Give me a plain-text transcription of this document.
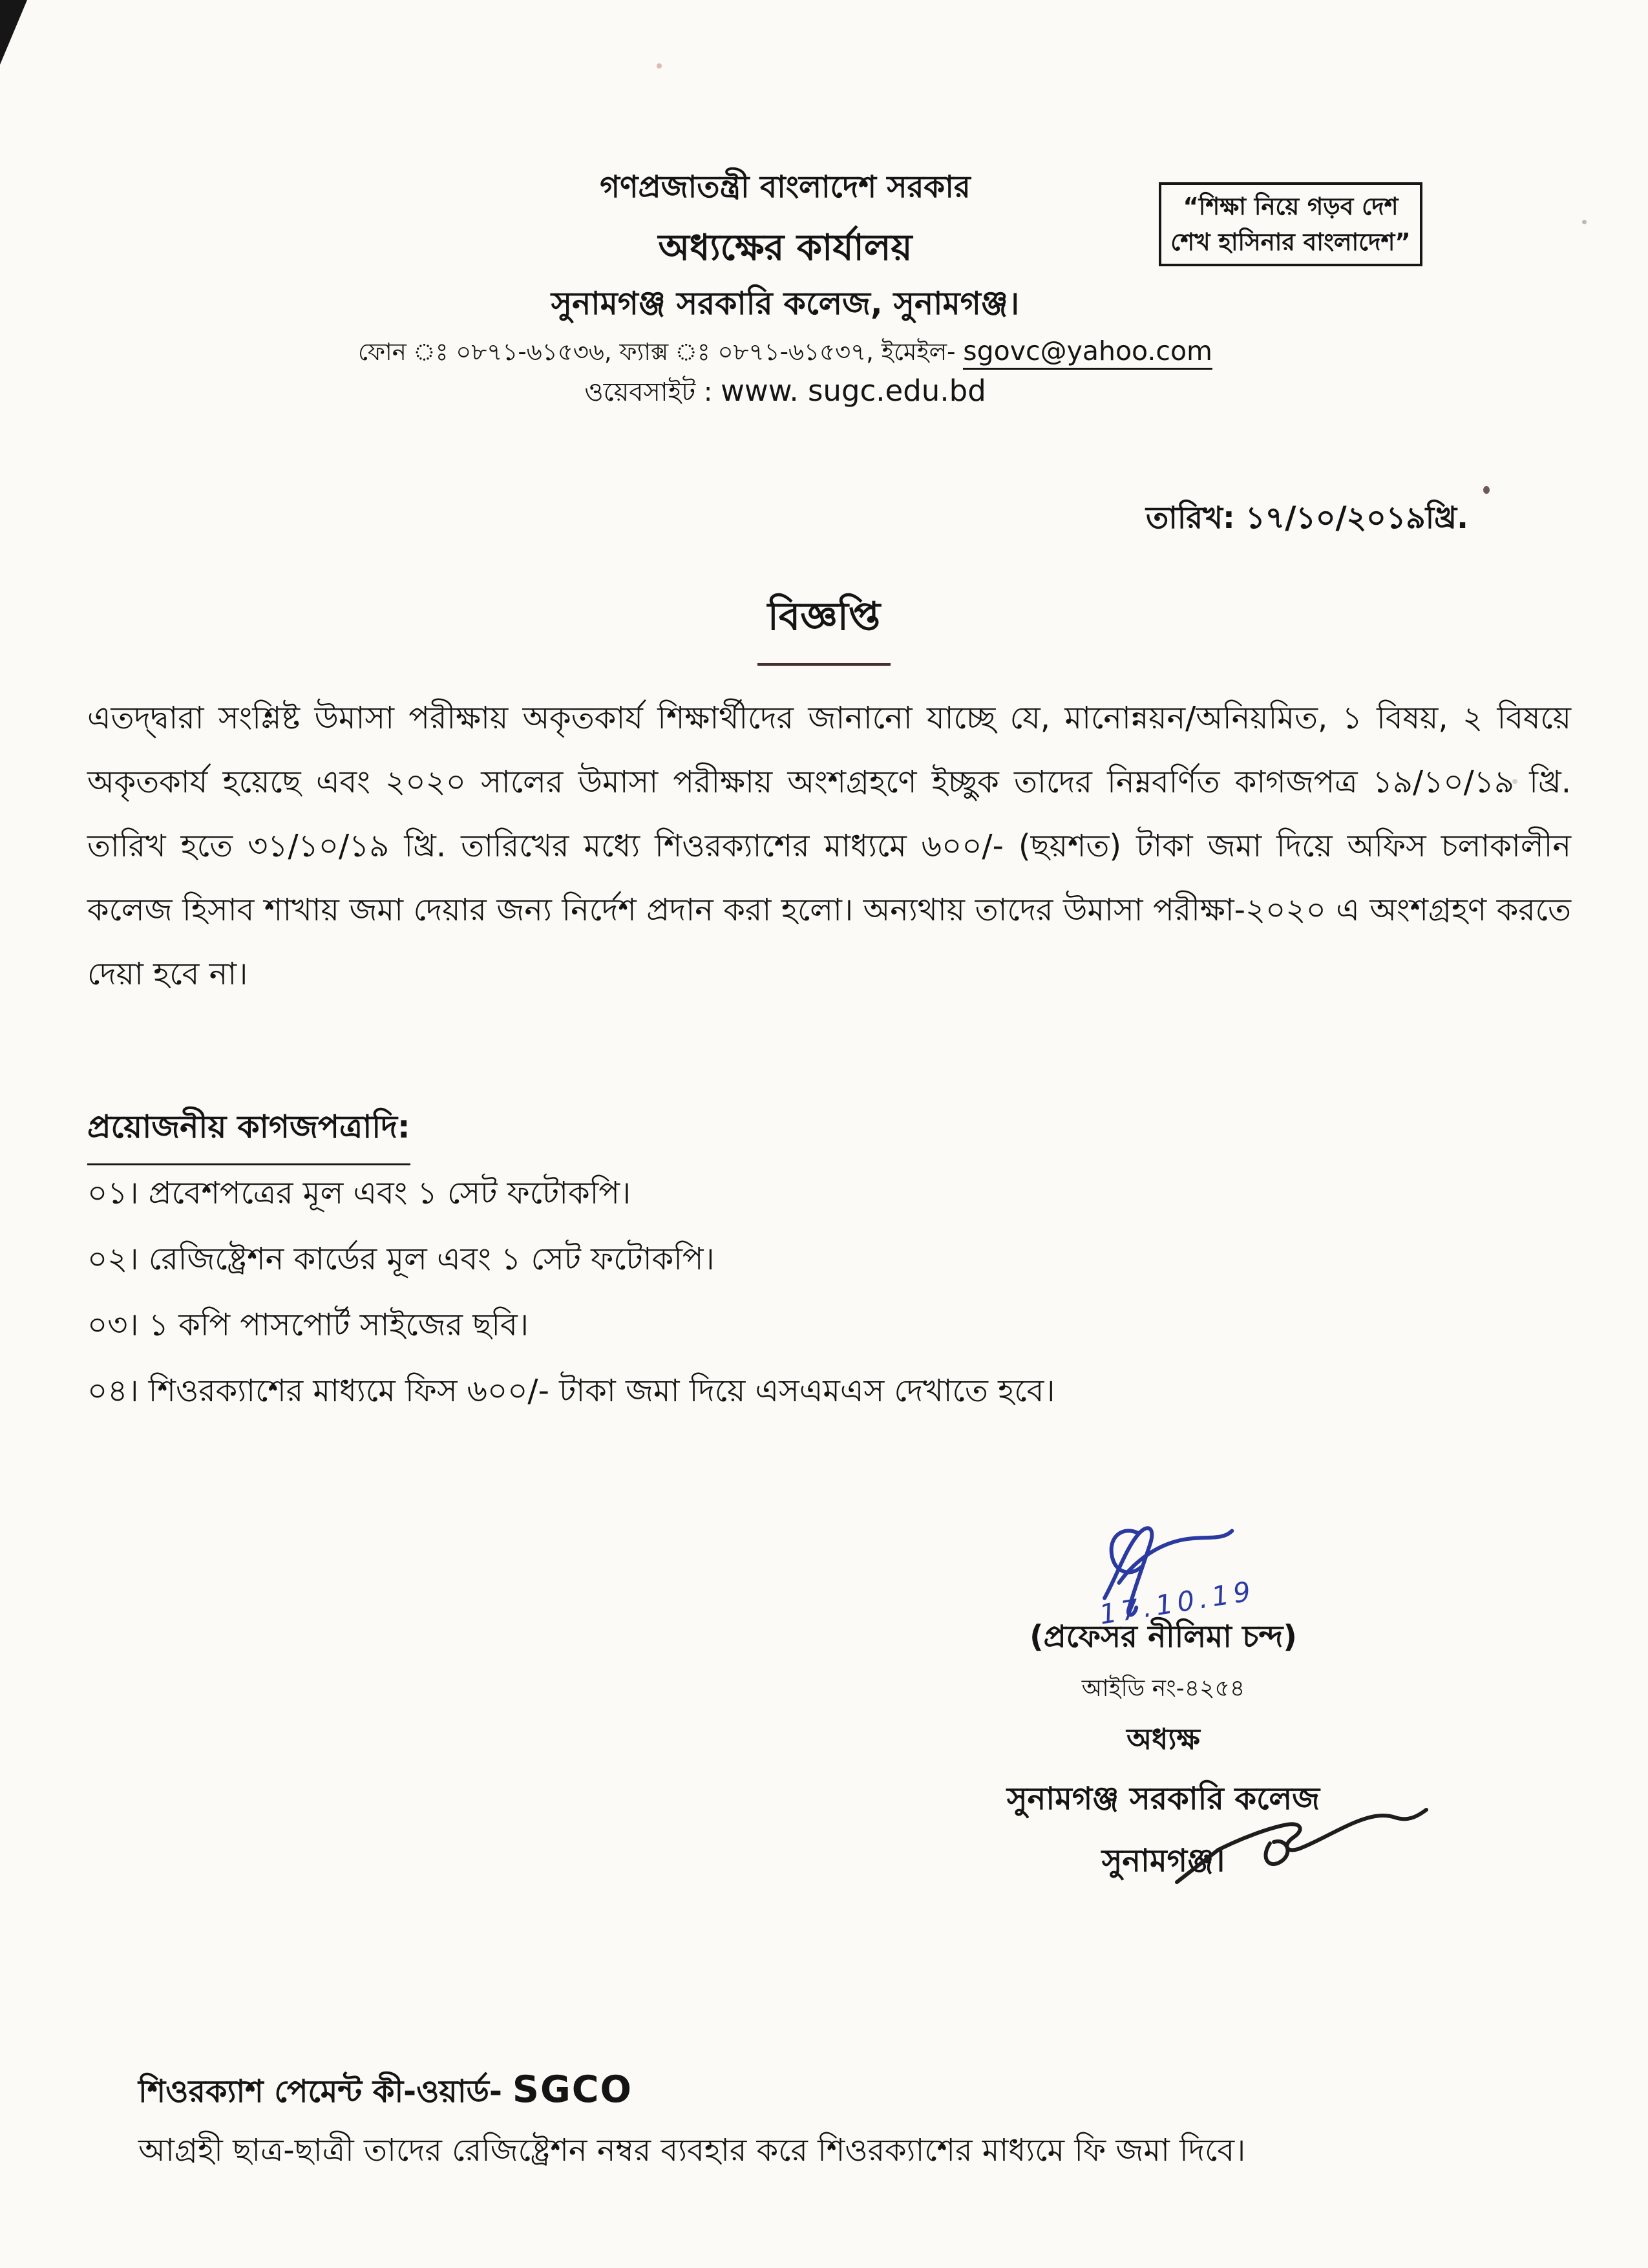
গণপ্রজাতন্ত্রী বাংলাদেশ সরকার
অধ্যক্ষের কার্যালয়
সুনামগঞ্জ সরকারি কলেজ, সুনামগঞ্জ।
ফোন ঃ ০৮৭১-৬১৫৩৬, ফ্যাক্স ঃ ০৮৭১-৬১৫৩৭, ইমেইল- sgovc@yahoo.com
ওয়েবসাইট : www. sugc.edu.bd
“শিক্ষা নিয়ে গড়ব দেশ
শেখ হাসিনার বাংলাদেশ”
তারিখ: ১৭/১০/২০১৯খ্রি.
বিজ্ঞপ্তি
এতদ্দ্বারা সংশ্লিষ্ট উমাসা পরীক্ষায় অকৃতকার্য শিক্ষার্থীদের জানানো যাচ্ছে যে, মানোন্নয়ন/অনিয়মিত, ১ বিষয়, ২ বিষয়ে অকৃতকার্য হয়েছে এবং ২০২০ সালের উমাসা পরীক্ষায় অংশগ্রহণে ইচ্ছুক তাদের নিম্নবর্ণিত কাগজপত্র ১৯/১০/১৯ খ্রি. তারিখ হতে ৩১/১০/১৯ খ্রি. তারিখের মধ্যে শিওরক্যাশের মাধ্যমে ৬০০/- (ছয়শত) টাকা জমা দিয়ে অফিস চলাকালীন কলেজ হিসাব শাখায় জমা দেয়ার জন্য নির্দেশ প্রদান করা হলো। অন্যথায় তাদের উমাসা পরীক্ষা-২০২০ এ অংশগ্রহণ করতে দেয়া হবে না।
প্রয়োজনীয় কাগজপত্রাদি:
০১। প্রবেশপত্রের মূল এবং ১ সেট ফটোকপি।
০২। রেজিষ্ট্রেশন কার্ডের মূল এবং ১ সেট ফটোকপি।
০৩। ১ কপি পাসপোর্ট সাইজের ছবি।
০৪। শিওরক্যাশের মাধ্যমে ফিস ৬০০/- টাকা জমা দিয়ে এসএমএস দেখাতে হবে।
17.10.19
(প্রফেসর নীলিমা চন্দ)
আইডি নং-৪২৫৪
অধ্যক্ষ
সুনামগঞ্জ সরকারি কলেজ
সুনামগঞ্জ।
শিওরক্যাশ পেমেন্ট কী-ওয়ার্ড- SGCO
আগ্রহী ছাত্র-ছাত্রী তাদের রেজিষ্ট্রেশন নম্বর ব্যবহার করে শিওরক্যাশের মাধ্যমে ফি জমা দিবে।
